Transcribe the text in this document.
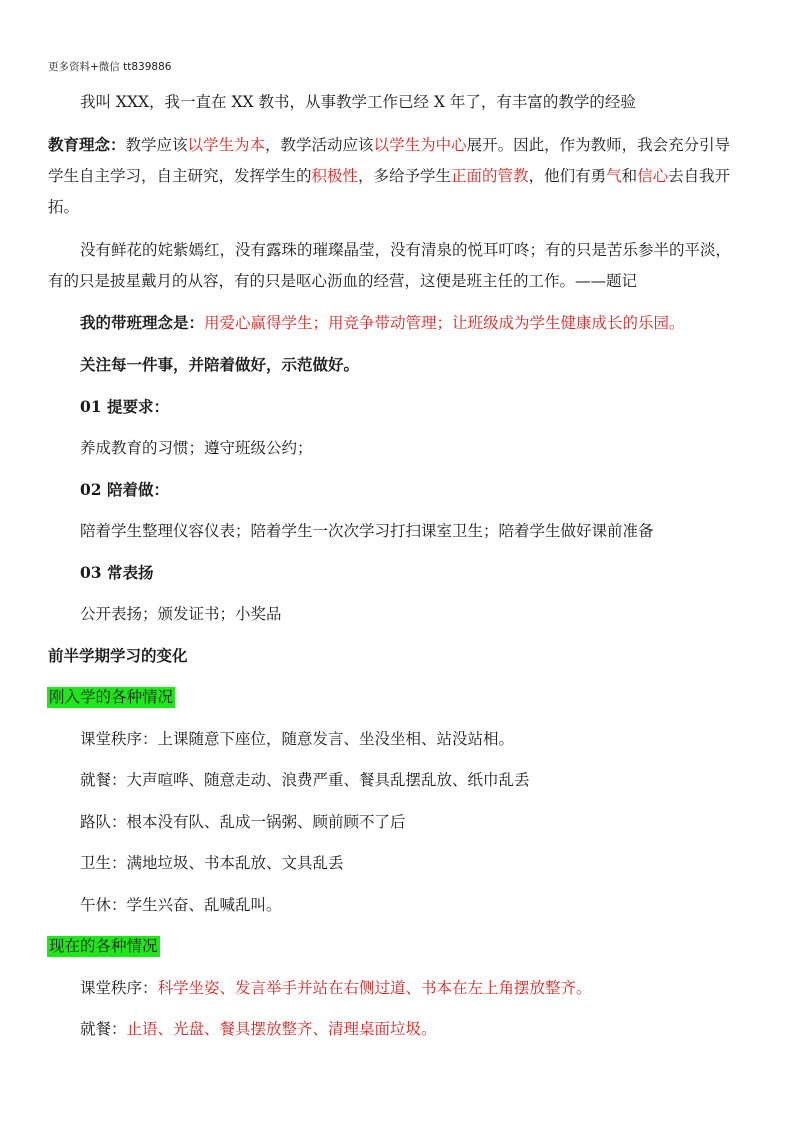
更多资料+微信 tt839886
我叫 XXX，我一直在 XX 教书，从事教学工作已经 X 年了，有丰富的教学的经验
教育理念：教学应该以学生为本，教学活动应该以学生为中心展开。因此，作为教师，我会充分引导
学生自主学习，自主研究，发挥学生的积极性，多给予学生正面的管教，他们有勇气和信心去自我开
拓。
没有鲜花的姹紫嫣红，没有露珠的璀璨晶莹，没有清泉的悦耳叮咚；有的只是苦乐参半的平淡，
有的只是披星戴月的从容，有的只是呕心沥血的经营，这便是班主任的工作。——题记
我的带班理念是：用爱心赢得学生；用竞争带动管理；让班级成为学生健康成长的乐园。
关注每一件事，并陪着做好，示范做好。
01 提要求：
养成教育的习惯；遵守班级公约；
02 陪着做：
陪着学生整理仪容仪表；陪着学生一次次学习打扫课室卫生；陪着学生做好课前准备
03 常表扬
公开表扬；颁发证书；小奖品
前半学期学习的变化
刚入学的各种情况
课堂秩序：上课随意下座位，随意发言、坐没坐相、站没站相。
就餐：大声喧哗、随意走动、浪费严重、餐具乱摆乱放、纸巾乱丢
路队：根本没有队、乱成一锅粥、顾前顾不了后
卫生：满地垃圾、书本乱放、文具乱丢
午休：学生兴奋、乱喊乱叫。
现在的各种情况
课堂秩序：科学坐姿、发言举手并站在右侧过道、书本在左上角摆放整齐。
就餐：止语、光盘、餐具摆放整齐、清理桌面垃圾。
